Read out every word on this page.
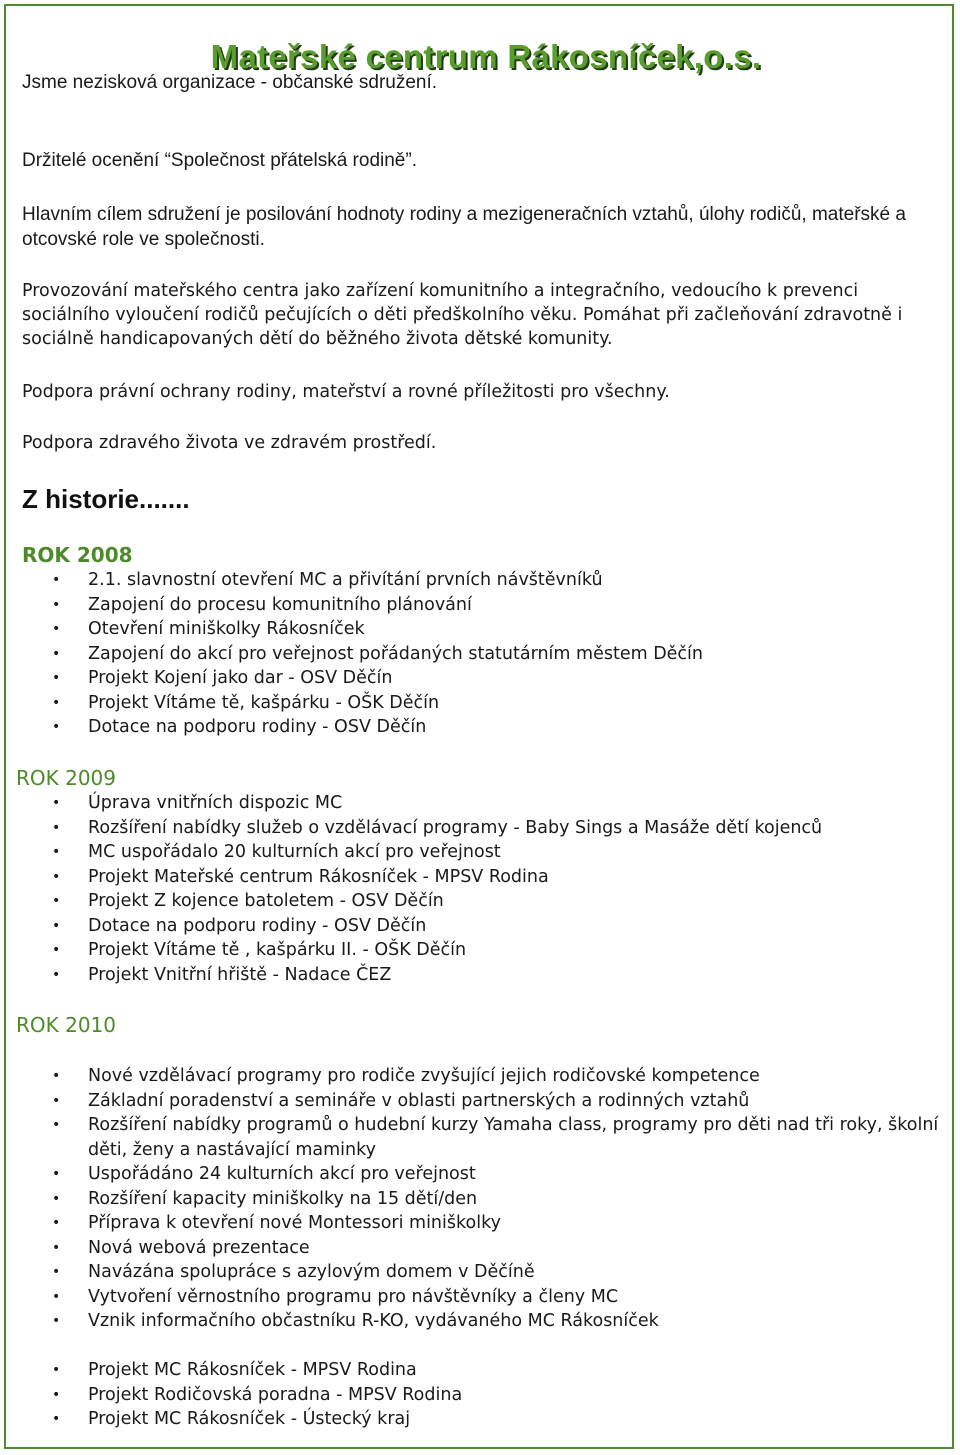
Mateřské centrum Rákosníček,o.s.

Jsme nezisková organizace - občanské sdružení.

Držitelé ocenění “Společnost přátelská rodině”.

Hlavním cílem sdružení je posilování hodnoty rodiny a mezigeneračních vztahů, úlohy rodičů, mateřské a otcovské role ve společnosti.

Provozování mateřského centra jako zařízení komunitního a integračního, vedoucího k prevenci sociálního vyloučení rodičů pečujících o děti předškolního věku. Pomáhat při začleňování zdravotně i sociálně handicapovaných dětí do běžného života dětské komunity.

Podpora právní ochrany rodiny, mateřství a rovné příležitosti pro všechny.

Podpora zdravého života ve zdravém prostředí.

Z historie.......
ROK 2008
• 2.1. slavnostní otevření MC a přivítání prvních návštěvníků
• Zapojení do procesu komunitního plánování
• Otevření miniškolky Rákosníček
• Zapojení do akcí pro veřejnost pořádaných statutárním městem Děčín
• Projekt Kojení jako dar - OSV Děčín
• Projekt Vítáme tě, kašpárku - OŠK Děčín
• Dotace na podporu rodiny - OSV Děčín
ROK 2009
• Úprava vnitřních dispozic MC
• Rozšíření nabídky služeb o vzdělávací programy - Baby Sings a Masáže dětí kojenců
• MC uspořádalo 20 kulturních akcí pro veřejnost
• Projekt Mateřské centrum Rákosníček - MPSV Rodina
• Projekt Z kojence batoletem - OSV Děčín
• Dotace na podporu rodiny - OSV Děčín
• Projekt Vítáme tě , kašpárku II. - OŠK Děčín
• Projekt Vnitřní hřiště - Nadace ČEZ
ROK 2010
• Nové vzdělávací programy pro rodiče zvyšující jejich rodičovské kompetence
• Základní poradenství a semináře v oblasti partnerských a rodinných vztahů
• Rozšíření nabídky programů o hudební kurzy Yamaha class, programy pro děti nad tři roky, školní děti, ženy a nastávající maminky
• Uspořádáno 24 kulturních akcí pro veřejnost
• Rozšíření kapacity miniškolky na 15 dětí/den
• Příprava k otevření nové Montessori miniškolky
• Nová webová prezentace
• Navázána spolupráce s azylovým domem v Děčíně
• Vytvoření věrnostního programu pro návštěvníky a členy MC
• Vznik informačního občastníku R-KO, vydávaného MC Rákosníček
• Projekt MC Rákosníček - MPSV Rodina
• Projekt Rodičovská poradna - MPSV Rodina
• Projekt MC Rákosníček - Ústecký kraj
